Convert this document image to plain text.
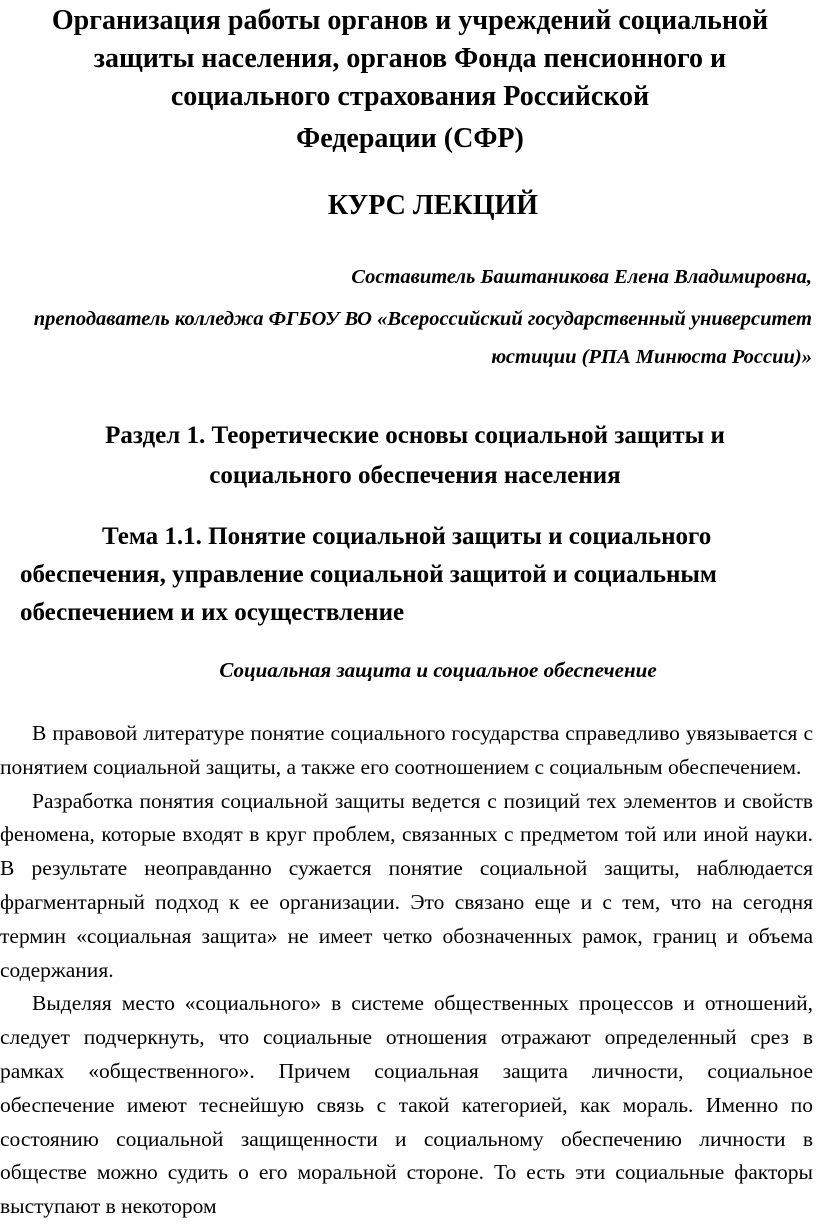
Организация работы органов и учреждений социальной защиты населения, органов Фонда пенсионного и социального страхования Российской
Федерации (СФР)
КУРС ЛЕКЦИЙ
Составитель Баштаникова Елена Владимировна,
преподаватель колледжа ФГБОУ ВО «Всероссийский государственный университет юстиции (РПА Минюста России)»
Раздел 1. Теоретические основы социальной защиты и
социального обеспечения населения
Тема 1.1. Понятие социальной защиты и социального
обеспечения, управление социальной защитой и социальным обеспечением и их осуществление
Социальная защита и социальное обеспечение

В правовой литературе понятие социального государства справедливо увязывается с понятием социальной защиты, а также его соотношением с социальным обеспечением.

Разработка понятия социальной защиты ведется с позиций тех элементов и свойств феномена, которые входят в круг проблем, связанных с предметом той или иной науки. В результате неоправданно сужается понятие социальной защиты, наблюдается фрагментарный подход к ее организации. Это связано еще и с тем, что на сегодня термин «социальная защита» не имеет четко обозначенных рамок, границ и объема содержания.

Выделяя место «социального» в системе общественных процессов и отношений, следует подчеркнуть, что социальные отношения отражают определенный срез в рамках «общественного». Причем социальная защита личности, социальное обеспечение имеют теснейшую связь с такой категорией, как мораль. Именно по состоянию социальной защищенности и социальному обеспечению личности в обществе можно судить о его моральной стороне. То есть эти социальные факторы выступают в некотором
